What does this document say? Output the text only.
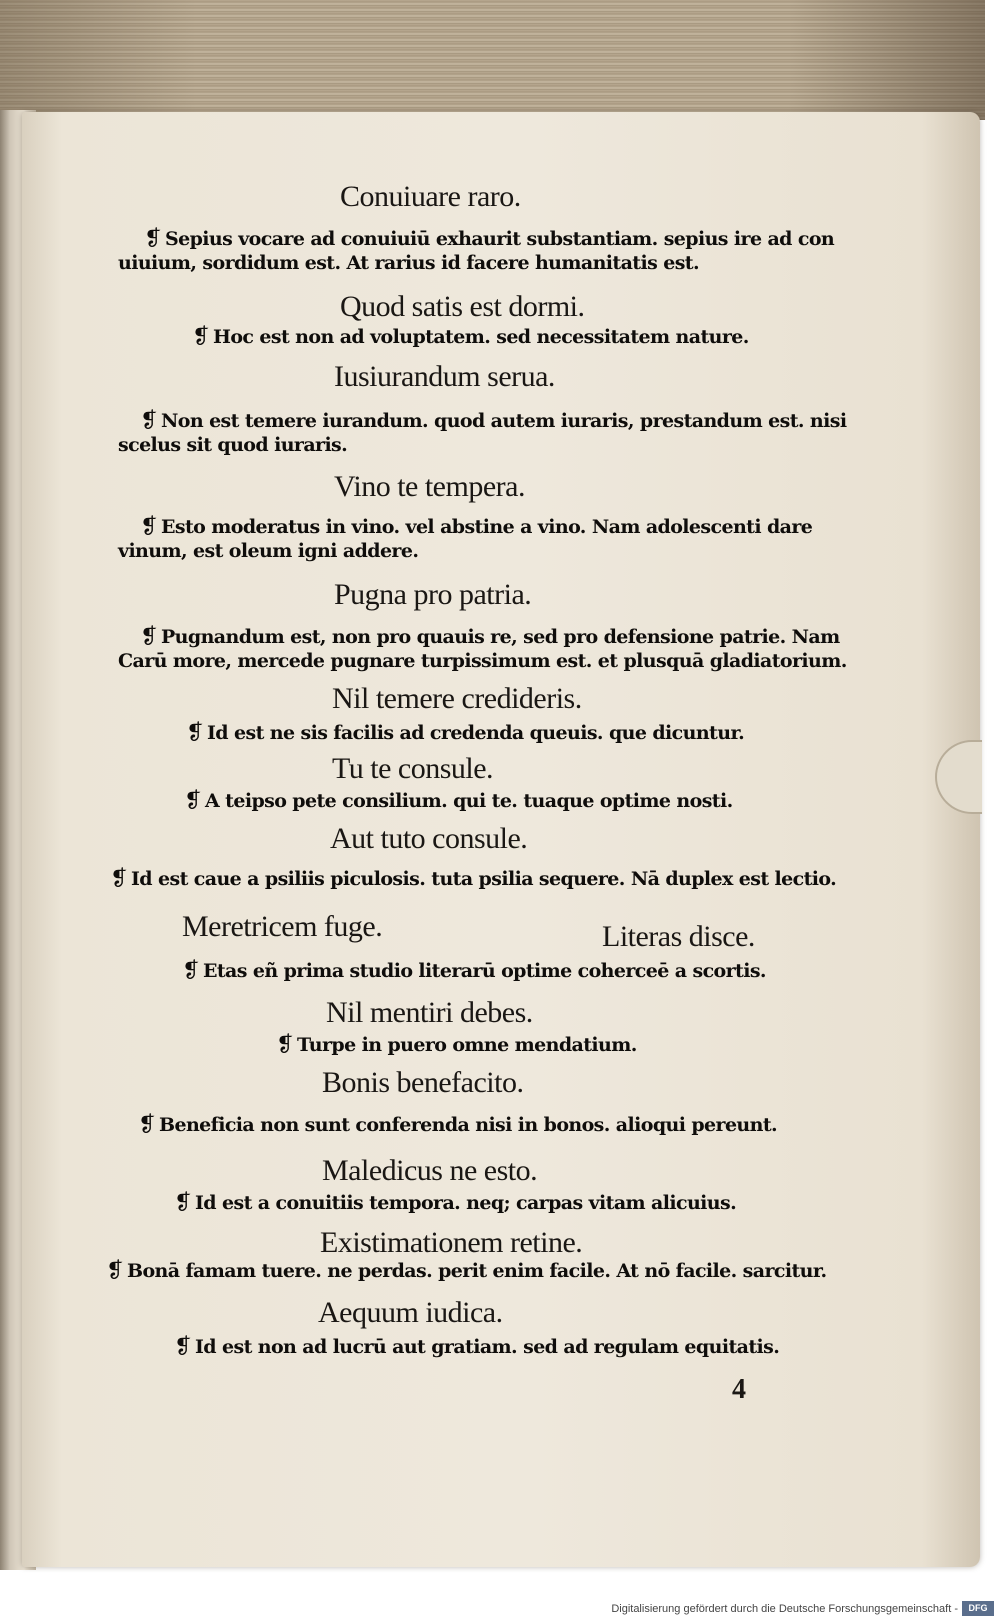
Conuiuare raro.
❡ Sepius vocare ad conuiuiū exhaurit substantiam. sepius ire ad con
uiuium, sordidum est. At rarius id facere humanitatis est.
Quod satis est dormi.
❡ Hoc est non ad voluptatem. sed necessitatem nature.
Iusiurandum serua.
❡ Non est temere iurandum. quod autem iuraris, prestandum est. nisi
scelus sit quod iuraris.
Vino te tempera.
❡ Esto moderatus in vino. vel abstine a vino. Nam adolescenti dare
vinum, est oleum igni addere.
Pugna pro patria.
❡ Pugnandum est, non pro quauis re, sed pro defensione patrie. Nam
Carū more, mercede pugnare turpissimum est. et plusquā gladiatorium.
Nil temere credideris.
❡ Id est ne sis facilis ad credenda queuis. que dicuntur.
Tu te consule.
❡ A teipso pete consilium. qui te. tuaque optime nosti.
Aut tuto consule.
❡ Id est caue a psiliis piculosis. tuta psilia sequere. Nā duplex est lectio.
Meretricem fuge.	Literas disce.
❡ Etas eñ prima studio literarū optime coherceē a scortis.
Nil mentiri debes.
❡ Turpe in puero omne mendatium.
Bonis benefacito.
❡ Beneficia non sunt conferenda nisi in bonos. alioqui pereunt.
Maledicus ne esto.
❡ Id est a conuitiis tempora. neq; carpas vitam alicuius.
Existimationem retine.
❡ Bonā famam tuere. ne perdas. perit enim facile. At nō facile. sarcitur.
Aequum iudica.
❡ Id est non ad lucrū aut gratiam. sed ad regulam equitatis.
4
Digitalisierung gefördert durch die Deutsche Forschungsgemeinschaft -	DFG
